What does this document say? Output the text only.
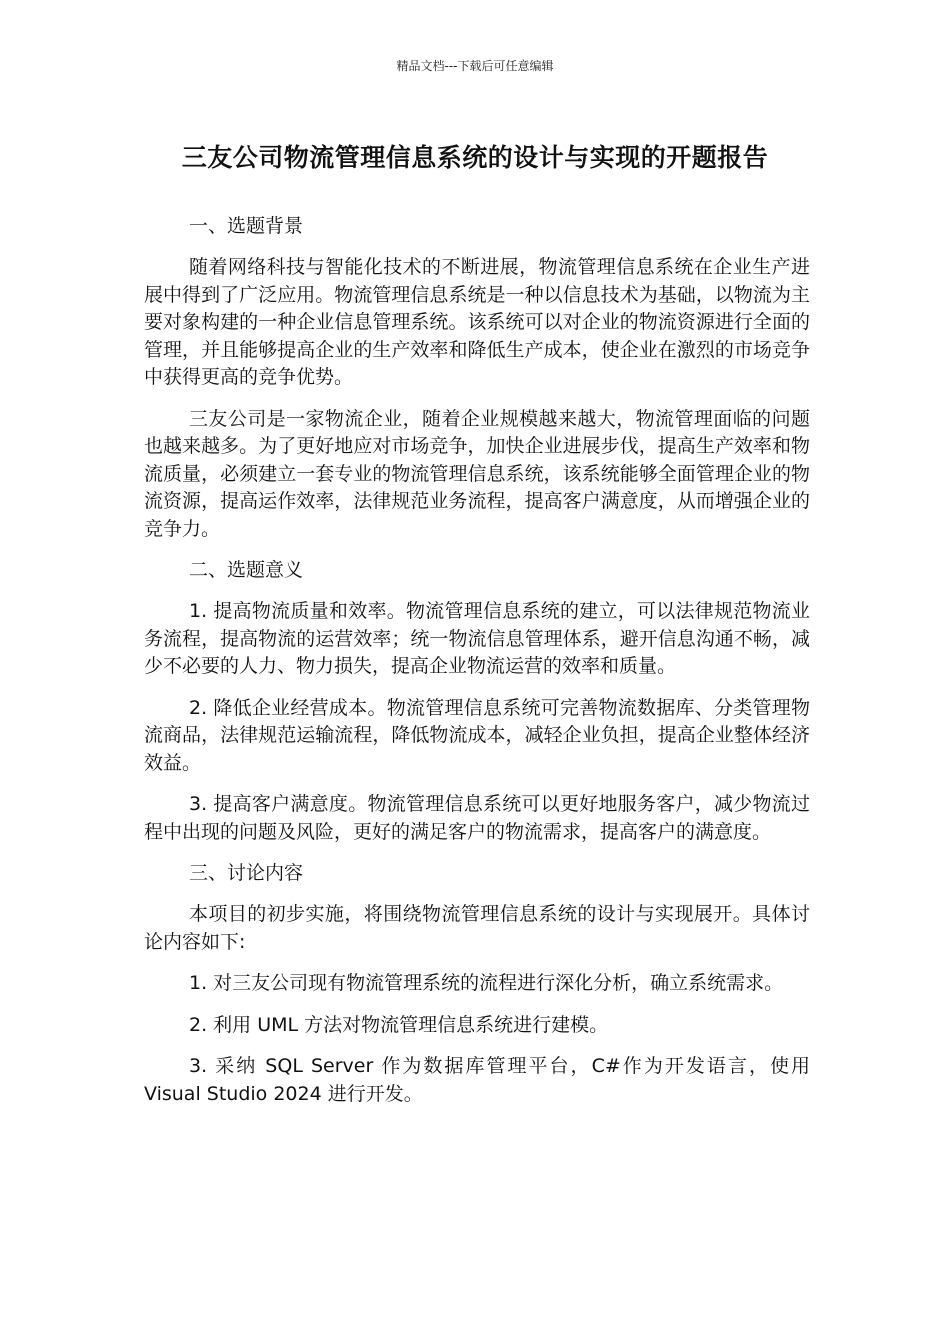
精品文档---下载后可任意编辑
三友公司物流管理信息系统的设计与实现的开题报告
一、选题背景

随着网络科技与智能化技术的不断进展，物流管理信息系统在企业生产进展中得到了广泛应用。物流管理信息系统是一种以信息技术为基础，以物流为主要对象构建的一种企业信息管理系统。该系统可以对企业的物流资源进行全面的管理，并且能够提高企业的生产效率和降低生产成本，使企业在激烈的市场竞争中获得更高的竞争优势。

三友公司是一家物流企业，随着企业规模越来越大，物流管理面临的问题也越来越多。为了更好地应对市场竞争，加快企业进展步伐，提高生产效率和物流质量，必须建立一套专业的物流管理信息系统，该系统能够全面管理企业的物流资源，提高运作效率，法律规范业务流程，提高客户满意度，从而增强企业的竞争力。

二、选题意义

1. 提高物流质量和效率。物流管理信息系统的建立，可以法律规范物流业务流程，提高物流的运营效率；统一物流信息管理体系，避开信息沟通不畅，减少不必要的人力、物力损失，提高企业物流运营的效率和质量。

2. 降低企业经营成本。物流管理信息系统可完善物流数据库、分类管理物流商品，法律规范运输流程，降低物流成本，减轻企业负担，提高企业整体经济效益。

3. 提高客户满意度。物流管理信息系统可以更好地服务客户，减少物流过程中出现的问题及风险，更好的满足客户的物流需求，提高客户的满意度。

三、讨论内容

本项目的初步实施，将围绕物流管理信息系统的设计与实现展开。具体讨论内容如下:

1. 对三友公司现有物流管理系统的流程进行深化分析，确立系统需求。

2. 利用 UML 方法对物流管理信息系统进行建模。

3. 采纳 SQL Server 作为数据库管理平台，C#作为开发语言，使用 Visual Studio 2024 进行开发。
